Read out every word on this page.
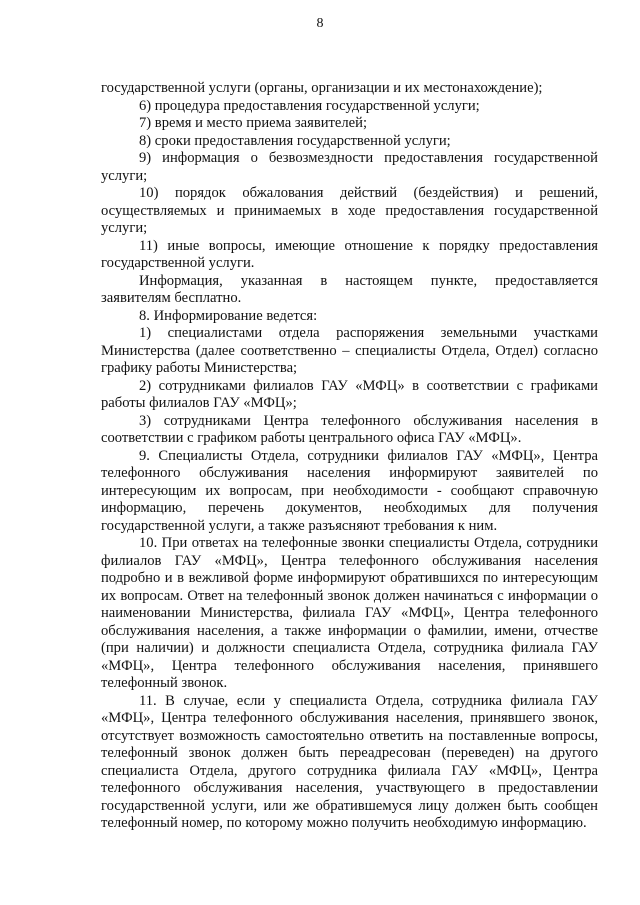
8

государственной услуги (органы, организации и их местонахождение);

6) процедура предоставления государственной услуги;

7) время и место приема заявителей;

8) сроки предоставления государственной услуги;

9) информация о безвозмездности предоставления государственной услуги;

10) порядок обжалования действий (бездействия) и решений, осуществляемых и принимаемых в ходе предоставления государственной услуги;

11) иные вопросы, имеющие отношение к порядку предоставления государственной услуги.

Информация, указанная в настоящем пункте, предоставляется заявителям бесплатно.

8. Информирование ведется:

1) специалистами отдела распоряжения земельными участками Министерства (далее соответственно – специалисты Отдела, Отдел) согласно графику работы Министерства;

2) сотрудниками филиалов ГАУ «МФЦ» в соответствии с графиками работы филиалов ГАУ «МФЦ»;

3) сотрудниками Центра телефонного обслуживания населения в соответствии с графиком работы центрального офиса ГАУ «МФЦ».

9. Специалисты Отдела, сотрудники филиалов ГАУ «МФЦ», Центра телефонного обслуживания населения информируют заявителей по интересующим их вопросам, при необходимости - сообщают справочную информацию, перечень документов, необходимых для получения государственной услуги, а также разъясняют требования к ним.

10. При ответах на телефонные звонки специалисты Отдела, сотрудники филиалов ГАУ «МФЦ», Центра телефонного обслуживания населения подробно и в вежливой форме информируют обратившихся по интересующим их вопросам. Ответ на телефонный звонок должен начинаться с информации о наименовании Министерства, филиала ГАУ «МФЦ», Центра телефонного обслуживания населения, а также информации о фамилии, имени, отчестве (при наличии) и должности специалиста Отдела, сотрудника филиала ГАУ «МФЦ», Центра телефонного обслуживания населения, принявшего телефонный звонок.

11. В случае, если у специалиста Отдела, сотрудника филиала ГАУ «МФЦ», Центра телефонного обслуживания населения, принявшего звонок, отсутствует возможность самостоятельно ответить на поставленные вопросы, телефонный звонок должен быть переадресован (переведен) на другого специалиста Отдела, другого сотрудника филиала ГАУ «МФЦ», Центра телефонного обслуживания населения, участвующего в предоставлении государственной услуги, или же обратившемуся лицу должен быть сообщен телефонный номер, по которому можно получить необходимую информацию.
